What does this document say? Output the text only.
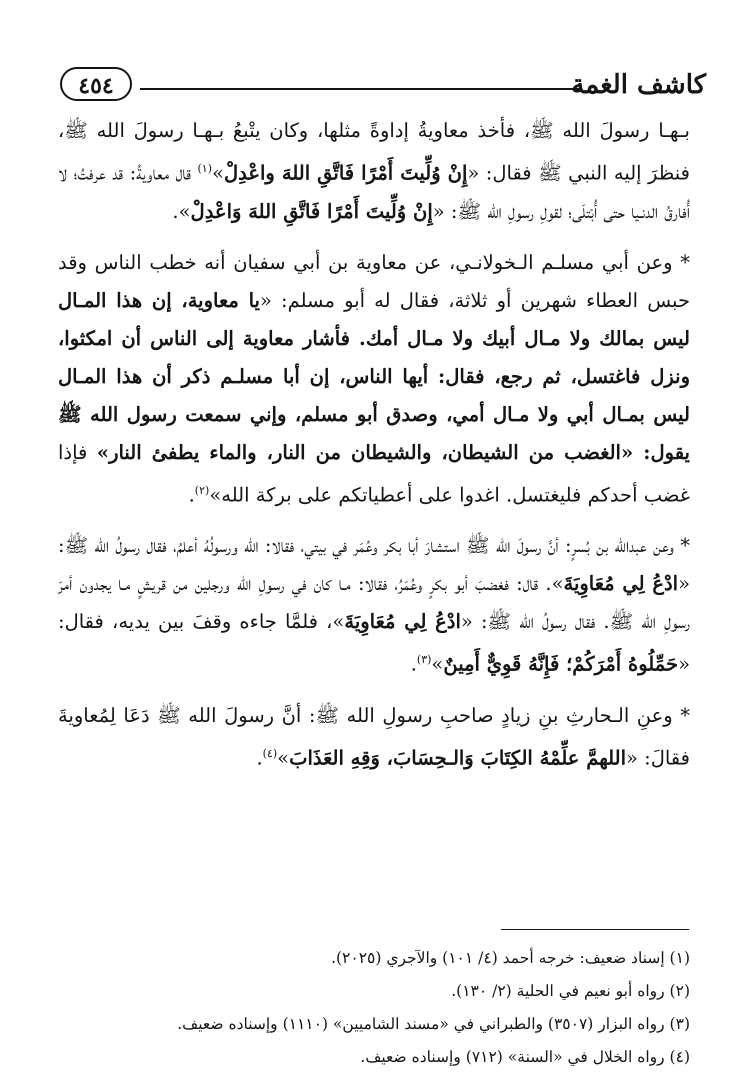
كاشف الغمة
٤٥٤

بـهـا رسولَ الله ﷺ، فأخذ معاويةُ إداوةً مثلها، وكان يتْبعُ بـهـا رسولَ الله ﷺ، فنظرَ إليه النبي ﷺ فقال: «إِنْ وُلِّيتَ أَمْرًا فَاتَّقِ اللهَ واعْدِلْ»$^{(١)}$ قال معاويةُ: قد عرفتُ؛ لا أُفارقُ الدنـيا حتى أُبْتلَى؛ لقولِ رسولِ الله ﷺ: «إِنْ وُلِّيتَ أَمْرًا فَاتَّقِ اللهَ وَاعْدِلْ».

* وعن أبي مسلـم الـخولانـي، عن معاوية بن أبي سفيان أنه خطب الناس وقد حبس العطاء شهرين أو ثلاثة، فقال له أبو مسلم: «يا معاوية، إن هذا المـال ليس بمالك ولا مـال أبيك ولا مـال أمك. فأشار معاوية إلى الناس أن امكثوا، ونزل فاغتسل، ثم رجع، فقال: أيها الناس، إن أبا مسلـم ذكر أن هذا المـال ليس بمـال أبي ولا مـال أمي، وصدق أبو مسلم، وإني سمعت رسول الله ﷺ يقول: «الغضب من الشيطان، والشيطان من النار، والماء يطفئ النار» فإذا غضب أحدكم فليغتسل. اغدوا على أعطياتكم على بركة الله»$^{(٢)}$.

* وعن عبدالله بن بُسرٍ: أنَّ رسولَ الله ﷺ استشارَ أبا بكر وعُمَر في بيتي، فقالا: الله ورسولُهُ أعلمُ، فقال رسولُ الله ﷺ: «ادْعُ لِي مُعَاوِيَةَ». قال: فغضبَ أبو بكرٍ وعُمَرُ، فقالا: مـا كان في رسولِ الله ورجلين من قريشٍ مـا يجدون أمرَ رسولِ الله ﷺ. فقال رسولُ الله ﷺ: «ادْعُ لِي مُعَاوِيَةَ»، فلمَّا جاءه وقفَ بين يديه، فقال: «حَمِّلُوهُ أَمْرَكُمْ؛ فَإِنَّهُ قَوِيٌّ أَمِينٌ»$^{(٣)}$.

* وعنِ الـحارثِ بنِ زيادٍ صاحبِ رسولِ الله ﷺ: أنَّ رسولَ الله ﷺ دَعَا لِمُعاويةَ فقالَ: «اللهمَّ علِّمْهُ الكِتَابَ وَالـحِسَابَ، وَقِهِ العَذَابَ»$^{(٤)}$.

(١) إسناد ضعيف: خرجه أحمد (٤/ ١٠١) والآجري (٢٠٢٥).

(٢) رواه أبو نعيم في الحلية (٢/ ١٣٠).

(٣) رواه البزار (٣٥٠٧) والطبراني في «مسند الشاميين» (١١١٠) وإسناده ضعيف.

(٤) رواه الخلال في «السنة» (٧١٢) وإسناده ضعيف.
